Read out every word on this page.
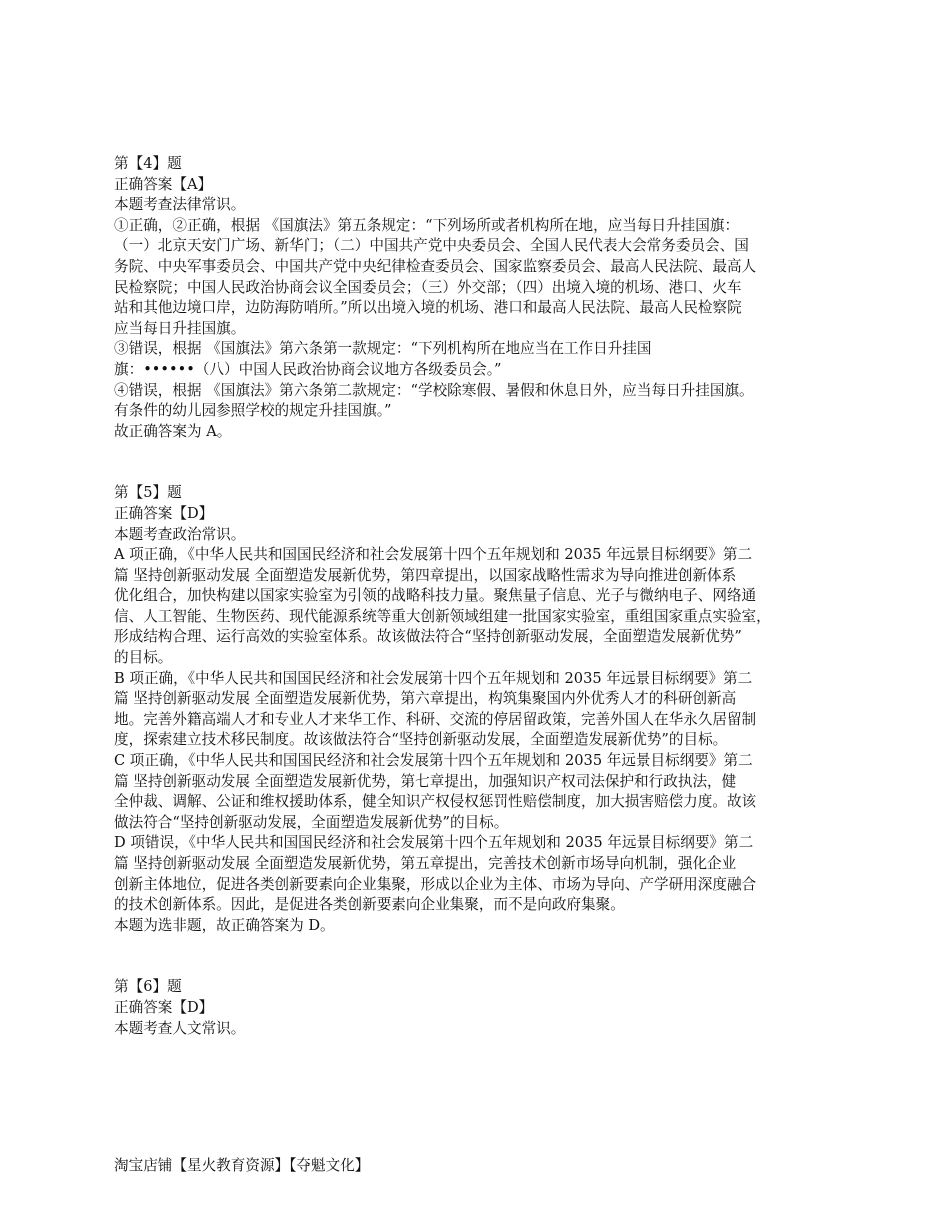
第【4】题
正确答案【A】
本题考查法律常识。
①正确，②正确，根据 《国旗法》第五条规定：“下列场所或者机构所在地，应当每日升挂国旗：
（一）北京天安门广场、新华门；（二）中国共产党中央委员会、全国人民代表大会常务委员会、国
务院、中央军事委员会、中国共产党中央纪律检查委员会、国家监察委员会、最高人民法院、最高人
民检察院；中国人民政治协商会议全国委员会；（三）外交部；（四）出境入境的机场、港口、火车
站和其他边境口岸，边防海防哨所。”所以出境入境的机场、港口和最高人民法院、最高人民检察院
应当每日升挂国旗。
③错误，根据 《国旗法》第六条第一款规定：“下列机构所在地应当在工作日升挂国
旗：••••••（八）中国人民政治协商会议地方各级委员会。”
④错误，根据 《国旗法》第六条第二款规定：“学校除寒假、暑假和休息日外，应当每日升挂国旗。
有条件的幼儿园参照学校的规定升挂国旗。”
故正确答案为 A。
第【5】题
正确答案【D】
本题考查政治常识。
A 项正确，《中华人民共和国国民经济和社会发展第十四个五年规划和 2035 年远景目标纲要》第二
篇 坚持创新驱动发展 全面塑造发展新优势，第四章提出，以国家战略性需求为导向推进创新体系
优化组合，加快构建以国家实验室为引领的战略科技力量。聚焦量子信息、光子与微纳电子、网络通
信、人工智能、生物医药、现代能源系统等重大创新领域组建一批国家实验室，重组国家重点实验室，
形成结构合理、运行高效的实验室体系。故该做法符合“坚持创新驱动发展，全面塑造发展新优势”
的目标。
B 项正确，《中华人民共和国国民经济和社会发展第十四个五年规划和 2035 年远景目标纲要》第二
篇 坚持创新驱动发展 全面塑造发展新优势，第六章提出，构筑集聚国内外优秀人才的科研创新高
地。完善外籍高端人才和专业人才来华工作、科研、交流的停居留政策，完善外国人在华永久居留制
度，探索建立技术移民制度。故该做法符合“坚持创新驱动发展，全面塑造发展新优势”的目标。
C 项正确，《中华人民共和国国民经济和社会发展第十四个五年规划和 2035 年远景目标纲要》第二
篇 坚持创新驱动发展 全面塑造发展新优势，第七章提出，加强知识产权司法保护和行政执法，健
全仲裁、调解、公证和维权援助体系，健全知识产权侵权惩罚性赔偿制度，加大损害赔偿力度。故该
做法符合“坚持创新驱动发展，全面塑造发展新优势”的目标。
D 项错误，《中华人民共和国国民经济和社会发展第十四个五年规划和 2035 年远景目标纲要》第二
篇 坚持创新驱动发展 全面塑造发展新优势，第五章提出，完善技术创新市场导向机制，强化企业
创新主体地位，促进各类创新要素向企业集聚，形成以企业为主体、市场为导向、产学研用深度融合
的技术创新体系。因此，是促进各类创新要素向企业集聚，而不是向政府集聚。
本题为选非题，故正确答案为 D。
第【6】题
正确答案【D】
本题考查人文常识。
淘宝店铺【星火教育资源】【夺魁文化】
